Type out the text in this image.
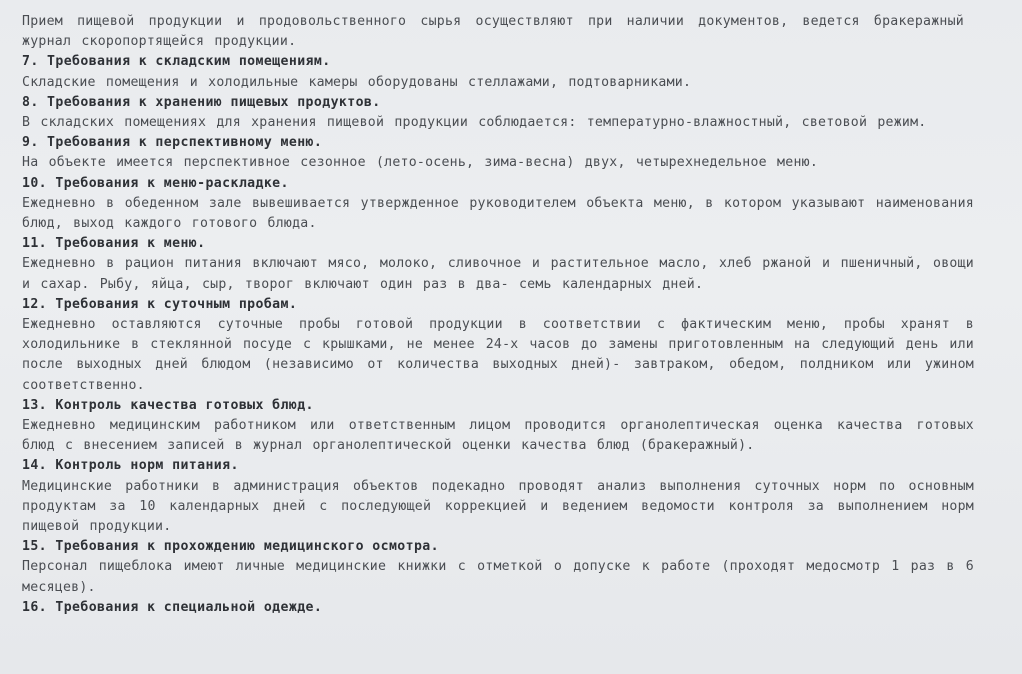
Прием пищевой продукции и продовольственного сырья осуществляют при наличии документов, ведется бракеражный журнал скоропортящейся продукции.

7. Требования к складским помещениям.

Складские помещения и холодильные камеры оборудованы стеллажами, подтоварниками.

8. Требования к хранению пищевых продуктов.

В складских помещениях для хранения пищевой продукции соблюдается: температурно-влажностный, световой режим.

9. Требования к перспективному меню.

На объекте имеется перспективное сезонное (лето-осень, зима-весна) двух, четырехнедельное меню.

10. Требования к меню-раскладке.

Ежедневно в обеденном зале вывешивается утвержденное руководителем объекта меню, в котором указывают наименования блюд, выход каждого готового блюда.

11. Требования к меню.

Ежедневно в рацион питания включают мясо, молоко, сливочное и растительное масло, хлеб ржаной и пшеничный, овощи и сахар. Рыбу, яйца, сыр, творог включают один раз в два- семь календарных дней.

12. Требования к суточным пробам.

Ежедневно оставляются суточные пробы готовой продукции в соответствии с фактическим меню, пробы хранят в холодильнике в стеклянной посуде с крышками, не менее 24-х часов до замены приготовленным на следующий день или после выходных дней блюдом (независимо от количества выходных дней)- завтраком, обедом, полдником или ужином соответственно.

13. Контроль качества готовых блюд.

Ежедневно медицинским работником или ответственным лицом проводится органолептическая оценка качества готовых блюд с внесением записей в журнал органолептической оценки качества блюд (бракеражный).

14. Контроль норм питания.

Медицинские работники в администрация объектов подекадно проводят анализ выполнения суточных норм по основным продуктам за 10 календарных дней с последующей коррекцией и ведением ведомости контроля за выполнением норм пищевой продукции.

15. Требования к прохождению медицинского осмотра.

Персонал пищеблока имеют личные медицинские книжки с отметкой о допуске к работе (проходят медосмотр 1 раз в 6 месяцев).

16. Требования к специальной одежде.
